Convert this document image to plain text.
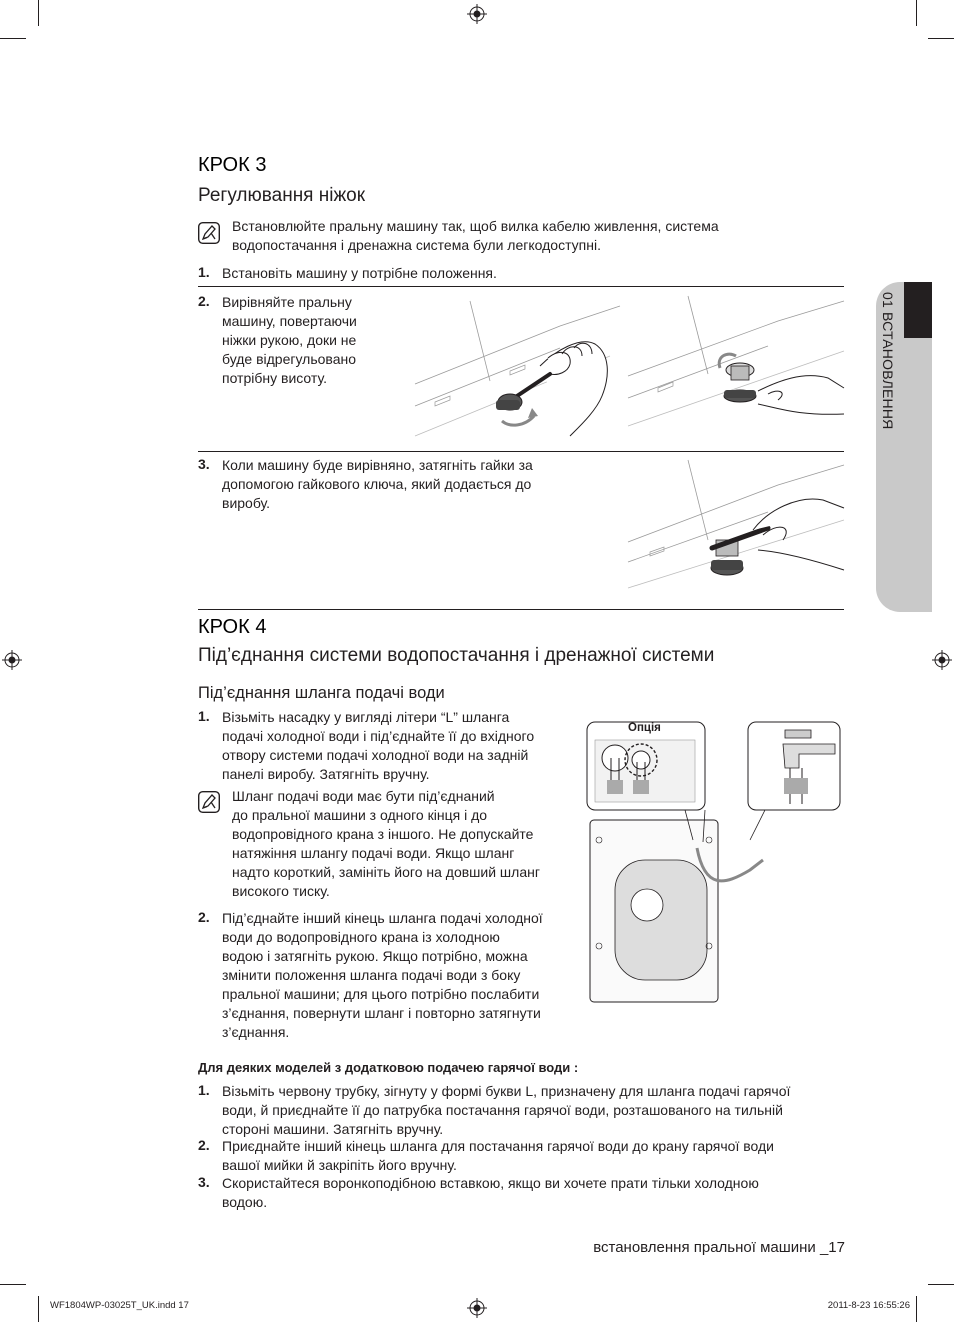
01 ВСТАНОВЛЕННЯ
КРОК 3
Регулювання ніжок
Встановлюйте пральну машину так, щоб вилка кабелю живлення, система водопостачання і дренажна система були легкодоступні.
1. Встановіть машину у потрібне положення.
2. Вирівняйте пральну
машину, повертаючи
ніжки рукою, доки не
буде відрегульовано
потрібну висоту.
3. Коли машину буде вирівняно, затягніть гайки за
допомогою гайкового ключа, який додається до
виробу.
КРОК 4
Під’єднання системи водопостачання і дренажної системи
Під’єднання шланга подачі води
1. Візьміть насадку у вигляді літери “L” шланга
подачі холодної води і під’єднайте її до вхідного
отвору системи подачі холодної води на задній
панелі виробу. Затягніть вручну.
Шланг подачі води має бути під’єднаний
до пральної машини з одного кінця і до
водопровідного крана з іншого. Не допускайте
натяжіння шлангу подачі води. Якщо шланг
надто короткий, замініть його на довший шланг
високого тиску.
2. Під’єднайте інший кінець шланга подачі холодної
води до водопровідного крана із холодною
водою і затягніть рукою. Якщо потрібно, можна
змінити положення шланга подачі води з боку
пральної машини; для цього потрібно послабити
з’єднання, повернути шланг і повторно затягнути
з’єднання.
Опція
Для деяких моделей з додатковою подачею гарячої води :
1. Візьміть червону трубку, зігнуту у формі букви L, призначену для шланга подачі гарячої
води, й приєднайте її до патрубка постачання гарячої води, розташованого на тильній
стороні машини. Затягніть вручну.
2. Приєднайте інший кінець шланга для постачання гарячої води до крану гарячої води
вашої мийки й закріпіть його вручну.
3. Скористайтеся воронкоподібною вставкою, якщо ви хочете прати тільки холодною
водою.
встановлення пральної машини _17
WF1804WP-03025T_UK.indd 17	2011-8-23 16:55:26
